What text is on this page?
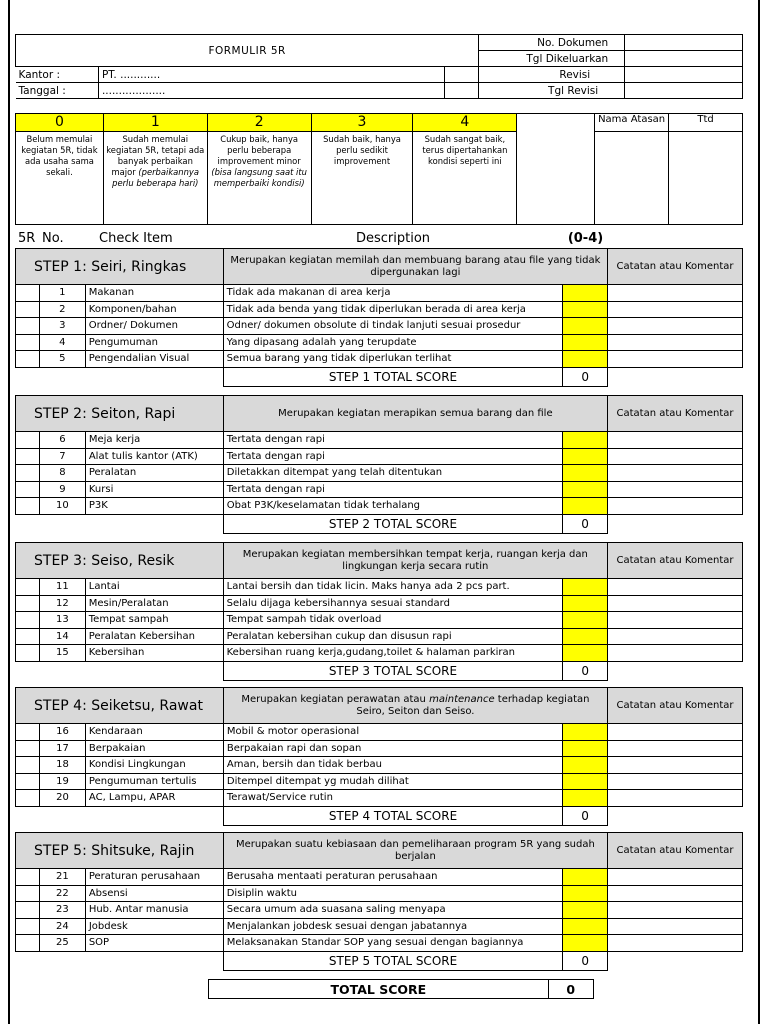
FORMULIR 5R			No. Dokumen	
			Tgl Dikeluarkan	
Kantor :	PT. ............		Revisi	
Tanggal :	...................		Tgl Revisi	
0	1	2	3	4		Nama Atasan	Ttd
Belum memulai kegiatan 5R, tidak ada usaha sama sekali.	Sudah memulai kegiatan 5R, tetapi ada banyak perbaikan major (perbaikannya perlu beberapa hari)	Cukup baik, hanya perlu beberapa improvement minor (bisa langsung saat itu memperbaiki kondisi)	Sudah baik, hanya perlu sedikit improvement	Sudah sangat baik, terus dipertahankan kondisi seperti ini			
5R	No.	Check Item	Description	(0-4)	
STEP 1: Seiri, Ringkas			Merupakan kegiatan memilah dan membuang barang atau file yang tidak dipergunakan lagi		Catatan atau Komentar
	1	Makanan	Tidak ada makanan di area kerja		
	2	Komponen/bahan	Tidak ada benda yang tidak diperlukan berada di area kerja		
	3	Ordner/ Dokumen	Odner/ dokumen obsolute di tindak lanjuti sesuai prosedur		
	4	Pengumuman	Yang dipasang adalah yang terupdate		
	5	Pengendalian Visual	Semua barang yang tidak diperlukan terlihat		
			STEP 1 TOTAL SCORE	0	
STEP 2: Seiton, Rapi			Merupakan kegiatan merapikan semua barang dan file		Catatan atau Komentar
	6	Meja kerja	Tertata dengan rapi		
	7	Alat tulis kantor (ATK)	Tertata dengan rapi		
	8	Peralatan	Diletakkan ditempat yang telah ditentukan		
	9	Kursi	Tertata dengan rapi		
	10	P3K	Obat P3K/keselamatan tidak terhalang		
			STEP 2 TOTAL SCORE	0	
STEP 3: Seiso, Resik			Merupakan kegiatan membersihkan tempat kerja, ruangan kerja dan lingkungan kerja secara rutin		Catatan atau Komentar
	11	Lantai	Lantai bersih dan tidak licin. Maks hanya ada 2 pcs part.		
	12	Mesin/Peralatan	Selalu dijaga kebersihannya sesuai standard		
	13	Tempat sampah	Tempat sampah tidak overload		
	14	Peralatan Kebersihan	Peralatan kebersihan cukup dan disusun rapi		
	15	Kebersihan	Kebersihan ruang kerja,gudang,toilet & halaman parkiran		
			STEP 3 TOTAL SCORE	0	
STEP 4: Seiketsu, Rawat			Merupakan kegiatan perawatan atau maintenance terhadap kegiatan Seiro, Seiton dan Seiso.		Catatan atau Komentar
	16	Kendaraan	Mobil & motor operasional		
	17	Berpakaian	Berpakaian rapi dan sopan		
	18	Kondisi Lingkungan	Aman, bersih dan tidak berbau		
	19	Pengumuman tertulis	Ditempel ditempat yg mudah dilihat		
	20	AC, Lampu, APAR	Terawat/Service rutin		
			STEP 4 TOTAL SCORE	0	
STEP 5: Shitsuke, Rajin			Merupakan suatu kebiasaan dan pemeliharaan program 5R yang sudah berjalan		Catatan atau Komentar
	21	Peraturan perusahaan	Berusaha mentaati peraturan perusahaan		
	22	Absensi	Disiplin waktu		
	23	Hub. Antar manusia	Secara umum ada suasana saling menyapa		
	24	Jobdesk	Menjalankan jobdesk sesuai dengan jabatannya		
	25	SOP	Melaksanakan Standar SOP yang sesuai dengan bagiannya		
			STEP 5 TOTAL SCORE	0	
TOTAL SCORE	0	
